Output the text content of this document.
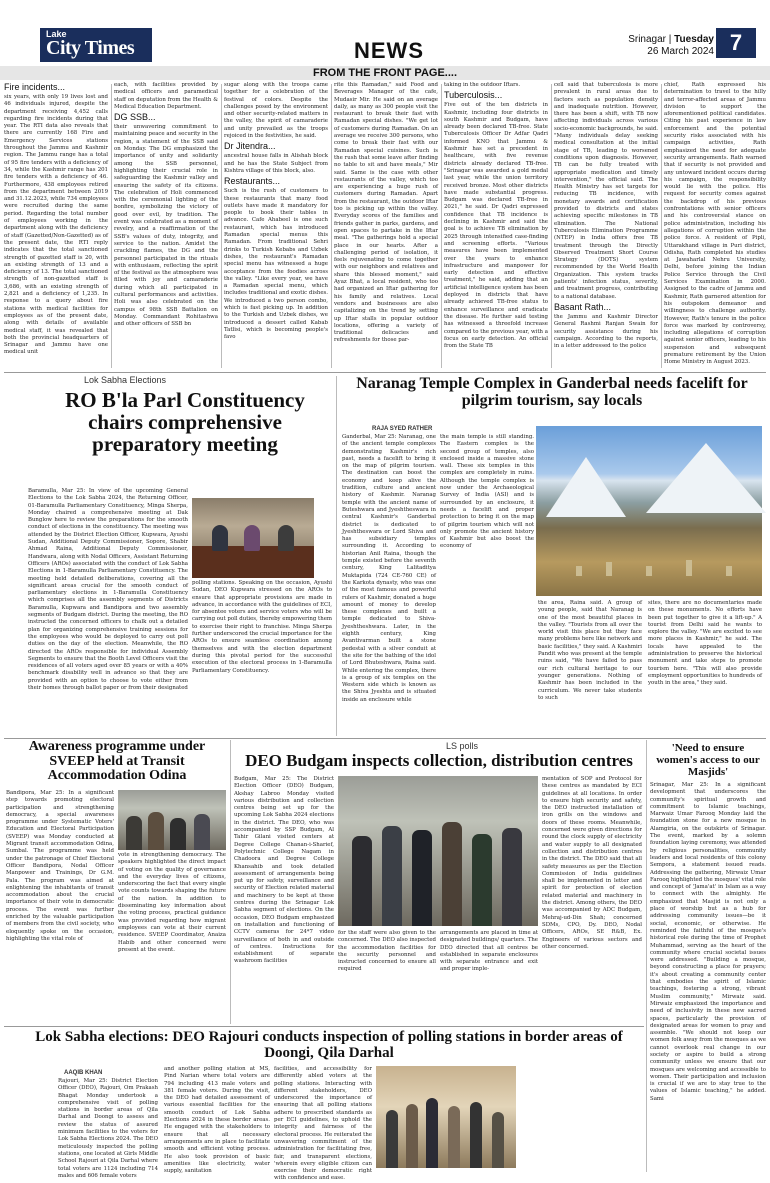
Lake
City Times	NEWS	Srinagar | Tuesday
26 March 2024 7
FROM THE FRONT PAGE....
Fire incidents...

six years, with only 19 lives lost and 46 individuals injured, despite the department receiving 4,452 calls regarding fire incidents during that year. The RTI data also reveals that there are currently 168 Fire and Emergency Services stations throughout the Jammu and Kashmir region. The Jammu range has a total of 95 fire tenders with a deficiency of 34, while the Kashmir range has 201 fire tenders with a deficiency of 46. Furthermore, 438 employees retired from the department between 2019 and 31.12.2023, while 734 employees were recruited during the same period. Regarding the total number of employees working in the department along with the deficiency of staff (Gazetted/Non-Gazetted) as of the present date, the RTI reply indicates that the total sanctioned strength of gazetted staff is 20, with an existing strength of 13 and a deficiency of 13. The total sanctioned strength of non-gazetted staff is 3,686, with an existing strength of 2,821 and a deficiency of 1,235. In response to a query about fire stations with medical facilities for employees as of the present date, along with details of available medical staff, it was revealed that both the provincial headquarters of Srinagar and Jammu have one medical unit

each, with facilities provided by medical officers and paramedical staff on deputation from the Health & Medical Education Department.

DG SSB...

their unwavering commitment to maintaining peace and security in the region, a statement of the SSB said on Monday. The DG emphasized the importance of unity and solidarity among the SSB personnel, highlighting their crucial role in safeguarding the Kashmir valley and ensuring the safety of its citizens. The celebration of Holi commenced with the ceremonial lighting of the bonfire, symbolizing the victory of good over evil, by tradition. The event was celebrated as a moment of revelry, and a reaffirmation of the SSB's values of duty, integrity, and service to the nation. Amidst the crackling flames, the DG and the personnel participated in the rituals with enthusiasm, reflecting the spirit of the festival as the atmosphere was filled with joy and camaraderie during which all participated in cultural performances and activities. Holi was also celebrated on the campus of 98th SSB Battalion on Monday. Commandant Rohitashwa and other officers of SSB bn

sugar along with the troops came together for a celebration of the festival of colors. Despite the challenges posed by the environment and other security-related matters in the valley, the spirit of camaraderie and unity prevailed as the troops rejoiced in the festivities, he said.

Dr Jitendra...

ancestral house falls in Alishah block and he has the State Subject from Kishtra village of this block, also.

Restaurants...

Such is the rush of customers to these restaurants that many food outlets have made it mandatory for people to book their tables in advance. Cafe Ahabeel is one such restaurant, which has introduced Ramadan special menus this Ramadan. From traditional Sehri drinks to Turkish Kebabs and Uzbek dishes, the restaurant's Ramadan special menu has witnessed a huge acceptance from the foodies across the valley. "Like every year, we have a Ramadan special menu, which includes traditional and exotic dishes. We introduced a two person combo, which is fast picking up. In addition to the Turkish and Uzbek dishes, we introduced a dessert called Kabab Tatlisi, which is becoming people's favo

rite this Ramadan," said Food and Beverages Manager of the cafe, Mudasir Mir. He said on an average daily, as many as 300 people visit the restaurant to break their fast with Ramadan special dishes. "We get lot of customers during Ramadan. On an average we receive 300 persons, who come to break their fast with our Ramadan special cuisines. Such is the rush that some leave after finding no table to sit and have meals," Mir said. Same is the case with other restaurants of the valley, which too are experiencing a huge rush of customers during Ramadan. Apart from the restaurant, the outdoor Iftar too is picking up within the valley. Everyday scores of the families and friends gather in parks, gardens, and open spaces to partake in the Iftar meal. "The gatherings hold a special place in our hearts. After a challenging period of isolation, it feels rejuvenating to come together with our neighbors and relatives and share this blessed moment," said Ayaz Bhat, a local resident, who too had organized an Iftar gathering for his family and relatives. Local vendors and businesses are also capitalizing on the trend by setting up Iftar stalls in popular outdoor locations, offering a variety of traditional delicacies and refreshments for those par-

taking in the outdoor Iftars.

Tuberculosis...

Five out of the ten districts in Kashmir, including four districts in south Kashmir and Budgam, have already been declared TB-free. State Tuberculosis Officer Dr Adfar Qadri informed KNO that Jammu & Kashmir has set a precedent in healthcare, with five revenue districts already declared TB-free. "Srinagar was awarded a gold medal last year, while the union territory received bronze. Most other districts have made substantial progress. Budgam was declared TB-free in 2021," he said. Dr Qadri expressed confidence that TB incidence is declining in Kashmir and said the goal is to achieve TB elimination by 2025 through intensified case-finding and screening efforts. "Various measures have been implemented over the years to enhance infrastructure and manpower for early detection and effective treatment," he said, adding that an artificial intelligence system has been deployed in districts that have already achieved TB-free status to enhance surveillance and eradicate the disease. He further said testing has witnessed a threefold increase compared to the previous year, with a focus on early detection. An official from the State TB

cell said that tuberculosis is more prevalent in rural areas due to factors such as population density and inadequate nutrition. However, there has been a shift, with TB now affecting individuals across various socio-economic backgrounds, he said. "Many individuals delay seeking medical consultation at the initial stage of TB, leading to worsened conditions upon diagnosis. However, TB can be fully treated with appropriate medication and timely intervention," the official said. The Health Ministry has set targets for reducing TB incidence, with monetary awards and certification provided to districts and states achieving specific milestones in TB elimination. The National Tuberculosis Elimination Programme (NTEP) in India offers free TB treatment through the Directly Observed Treatment Short Course Strategy (DOTS) system recommended by the World Health Organization. This system tracks patients' infection status, severity, and treatment progress, contributing to a national database.

Basant Rath...

the Jammu and Kashmir Director General Rashmi Ranjan Swain for security assistance during his campaign. According to the reports, in a letter addressed to the police

chief, Rath expressed his determination to travel to the hilly and terror-affected areas of Jammu division to support the aforementioned political candidates. Citing his past experience in law enforcement and the potential security risks associated with his campaign activities, Rath emphasized the need for adequate security arrangements. Rath warned that if security is not provided and any untoward incident occurs during his campaign, the responsibility would lie with the police. His request for security comes against the backdrop of his previous confrontations with senior officers and his controversial stance on police administration, including his allegations of corruption within the police force. A resident of Pipli, Uttarakhand village in Puri district, Odisha, Rath completed his studies at Jawaharlal Nehru University, Delhi, before joining the Indian Police Service through the Civil Services Examination in 2000. Assigned to the cadre of Jammu and Kashmir, Rath garnered attention for his outspoken demeanor and willingness to challenge authority. However, Rath's tenure in the police force was marked by controversy, including allegations of corruption against senior officers, leading to his suspension and subsequent premature retirement by the Union Home Ministry in August 2023.

Lok Sabha Elections
RO B'la Parl Constituency chairs comprehensive preparatory meeting

Baramulla, Mar 25: In view of the upcoming General Elections to the Lok Sabha 2024, the Returning Officer, 01-Baramulla Parliamentary Constituency, Minga Sherpa, Monday chaired a comprehensive meeting at Dak Bunglow here to review the preparations for the smooth conduct of elections in the constituency. The meeting was attended by the District Election Officer, Kupwara, Ayushi Sudan, Additional Deputy Commissioner, Sopore, Shabir Ahmad Raina, Additional Deputy Commissioner, Handwara, along with Nodal Officers, Assistant Returning Officers (AROs) associated with the conduct of Lok Sabha Elections in 1-Baramulla Parliamentary Constituency. The meeting held detailed deliberations, covering all the significant areas crucial for the smooth conduct of parliamentary elections in 1-Baramulla Constituency which comprises all the assembly segments of Districts Baramulla, Kupwara and Bandipora and two assembly segments of Budgam district. During the meeting, the RO instructed the concerned officers to chalk out a detailed plan for organizing comprehensive training sessions for the employees who would be deployed to carry out poll duties on the day of the election. Meanwhile, the RO directed the AROs responsible for individual Assembly Segments to ensure that the Booth Level Officers visit the residences of all voters aged over 85 years or with a 40% benchmark disability well in advance so that they are provided with an option to choose to vote either from their homes through ballot paper or from their designated

polling stations. Speaking on the occasion, Ayushi Sudan, DEO Kupwara stressed on the AROs to ensure that appropriate provisions are made in advance, in accordance with the guidelines of ECI, for absentee voters and service voters who will be carrying out poll duties, thereby empowering them to exercise their right to franchise. Minga Sherpa further underscored the crucial importance for the AROs to ensure seamless coordination among themselves and with the election department during this pivotal period for the successful execution of the electoral process in 1-Baramulla Parliamentary Constituency.

Naranag Temple Complex in Ganderbal needs facelift for pilgrim tourism, say locals
RAJA SYED RATHER

Ganderbal, Mar 25: Naranag, one of the ancient temple complexes demonstrating Kashmir's rich past, needs a facelift to bring it on the map of pilgrim tourism. The destination can boost the economy and keep alive the tradition, culture and ancient history of Kashmir. Naranag temple with the ancient name of Buteshwara and Jyeshtheswara in central Kashmir's Ganderbal district is dedicated to Jyeshtheswara or Lord Shiva and has subsidiary temples surrounding it. According to historian Anil Raina, though the temple existed before the seventh century, King Lalitaditya Muktapida (724 CE-760 CE) of the Karkota dynasty, who was one of the most famous and powerful rulers of Kashmir, donated a huge amount of money to develop these complexes and built a temple dedicated to Shiva-Jyeshtheshwara. Later, in the eighth century, King Avantivarman built a stone pedestal with a silver conduit at the site for the bathing of the idol of Lord Bhuteshwara, Raina said. While entering the complex, there is a group of six temples on the Western side which is known as the Shiva Jyeshta and is situated inside an enclosure while

the main temple is still standing. The Eastern complex is the second group of temples, also enclosed inside a massive stone wall. These six temples in this complex are completely in ruins. Although the temple complex is now under the Archaeological Survey of India (ASI) and is surrounded by an enclosure, it needs a facelift and proper protection to bring it on the map of pilgrim tourism which will not only promote the ancient history of Kashmir but also boost the economy of

the area, Raina said. A group of young people, said that Naranag is one of the most beautiful places in the valley. "Tourists from all over the world visit this place but they face many problems here like network and basic facilities," they said. A Kashmiri Pandit who was present at the temple ruins said, "We have failed to pass our rich cultural heritage to our younger generations. Nothing of Kashmir has been included in the curriculum. We never take students to such

sites, there are no documentaries made on these monuments. No efforts have been put together to give it a lift-up." A tourist from Delhi said he wants to explore the valley. "We are excited to see more places in Kashmir," he said. The locals have appealed to the administration to preserve the historical monument and take steps to promote tourism here. "This will also provide employment opportunities to hundreds of youth in the area," they said.

Awareness programme under SVEEP held at Transit Accommodation Odina

Bandipora, Mar 25: In a significant step towards promoting electoral participation and strengthening democracy, a special awareness programme under Systematic Voters' Education and Electoral Participation (SVEEP) was Monday conducted at Migrant transit accommodation Odina, Sumbal. The programme was held under the patronage of Chief Electoral Officer Bandipora, Nodal Officer Manpower and Trainings, Dr G.M. Pala. The program was aimed at enlightening the inhabitants of transit accommodation about the crucial importance of their vote in democratic process. The event was further enriched by the valuable participation of members from the civil society, who eloquently spoke on the occasion, highlighting the vital role of

vote in strengthening democracy. The speakers highlighted the direct impact of voting on the quality of governance and the everyday lives of citizens, underscoring the fact that every single vote counts towards shaping the future of the nation. In addition to disseminating key information about the voting process, practical guidance was provided regarding how migrant employees can vote at their current residence. SVEEP Coordinator, Anaiza Habib and other concerned were present at the event.

LS polls
DEO Budgam inspects collection, distribution centres

Budgam, Mar 25: The District Election Officer (DEO) Budgam, Akshay Labroo Monday visited various distribution and collection centres being set up for the upcoming Lok Sabha 2024 elections in the district. The DEO, who was accompanied by SSP Budgam, Al Tahir Gilani visited centers at Degree College Chanan-i-Sharief, Polytechnic College Nagam in Chadoora and Degree College Khansahib and took detailed assessment of arrangements being put up for safety, surveillance and security of Election related material and machinery to be kept at these centres during the Srinagar Lok Sabha segment of elections. On the occasion, DEO Budgam emphasized on installation and functioning of CCTV cameras for 24*7 video surveillance of both in and outside of centres. Instructions for establishment of separate washroom facilities

for the staff were also given to the concerned. The DEO also inspected the accommodation facilities for the security personnel and instructed concerned to ensure all required

arrangements are placed in time at designated buildings/ quarters. The DEO directed that all centres be established in separate enclosures with separate entrance and exit and proper imple-

mentation of SOP and Protocol for these centres as mandated by ECI guidelines at all locations. In order to ensure high security and safety, the DEO instructed installation of iron grills on the windows and doors of these rooms. Meanwhile, concerned were given directions for round the clock supply of electricity and water supply to all designated collection and distribution centres in the district. The DEO said that all safety measures as per the Election Commission of India guidelines shall be implemented in letter and spirit for protection of election related material and machinery in the district. Among others, the DEO was accompanied by ADC Budgam, Mehraj-ud-Din Shah; concerned SDMs, CPO, Dy. DEO, Nodal Officers, AROs, SE R&B, Ex. Engineers of various sectors and other concerned.

'Need to ensure women's access to our Masjids'

Srinagar, Mar 25: In a significant development that underscores the community's spiritual growth and commitment to Islamic teachings, Marwaiz Umar Farooq Monday laid the foundation stone for a new mosque in Alamgiria, on the outskirts of Srinagar. The event, marked by a solemn foundation laying ceremony, was attended by religious personalities, community leaders and local residents of this colony Sempora, a statement issued reads. Addressing the gathering, Mirwaiz Umar Farooq highlighted the mosques' vital role and concept of 'Jama'at' in Islam as a way to connect with the almighty. He emphasized that Masjid is not only a place of worship but as a hub for addressing community issues—be it social, economic, or otherwise. He reminded the faithful of the mosque's historical role during the time of Prophet Muhammad, serving as the heart of the community where crucial societal issues were addressed. "Building a mosque, beyond constructing a place for prayers; it's about creating a community center that embodies the spirit of Islamic teachings, fostering a strong, vibrant Muslim community," Mirwaiz said. Mirwaiz emphasized the importance and need of inclusivity in these new sacred spaces, particularly the provision of designated areas for women to pray and assemble. "We should not keep our women folk away from the mosques as we cannot overlook real change in our society or aspire to build a strong community unless we ensure that our mosques are welcoming and accessible to women. Their participation and inclusion is crucial if we are to stay true to the values of Islamic teaching," he added. Sami

Lok Sabha elections: DEO Rajouri conducts inspection of polling stations in border areas of Doongi, Qila Darhal
AAQIB KHAN

Rajouri, Mar 25: District Election Officer (DEO), Rajouri, Om Prakash Bhagat Monday undertook a comprehensive visit of polling stations in border areas of Qila Darhal and Doongi to assess and review the status of assured minimum facilities to the voters for Lok Sabha Elections 2024. The DEO meticulously inspected the polling stations, one located at Girls Middle School Rajouri at Qila Darhal where total voters are 1124 including 714 males and 606 female voters

and another polling station at MS, Pind Narian where total voters are 794 including 413 male voters and 381 female voters. During the visit, the DEO had detailed assessment of various essential facilities for the smooth conduct of Lok Sabha Elections 2024 in these border areas. He engaged with the stakeholders to ensure that all necessary arrangements are in place to facilitate smooth and efficient voting process. He also took provision of basic amenities like electricity, water supply, sanitation

facilities, and accessibility for differently abled voters at the polling stations. Interacting with different stakeholders, DEO underscored the importance of ensuring that all polling stations adhere to prescribed standards as per ECI guidelines, to uphold the integrity and fairness of the electoral process. He reiterated the unwavering commitment of the administration for facilitating free, fair, and transparent elections, 'wherein every eligible citizen can exercise their democratic right with confidence and ease.
